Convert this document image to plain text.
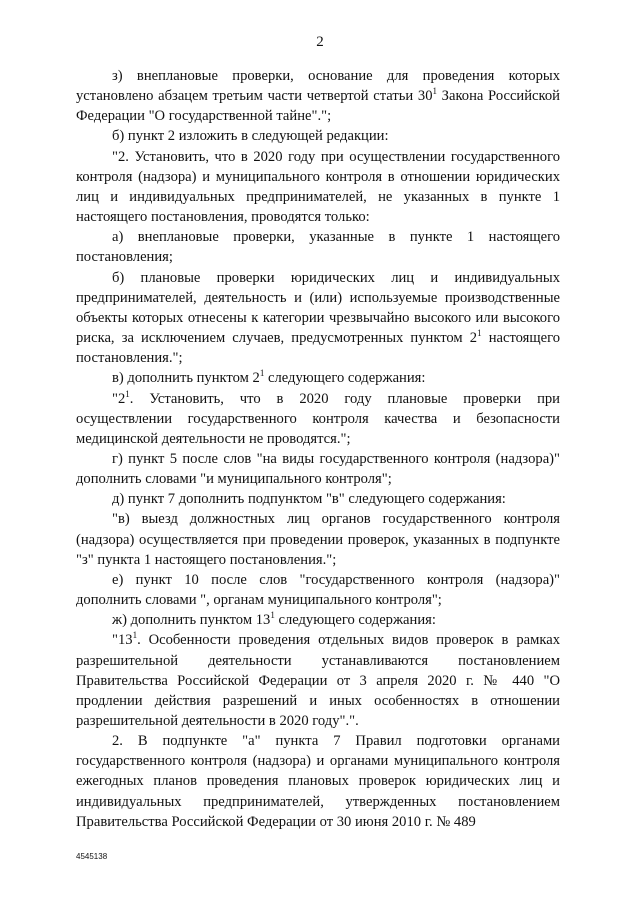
2

з) внеплановые проверки, основание для проведения которых установлено абзацем третьим части четвертой статьи $30^1$ Закона Российской Федерации "О государственной тайне".";

б) пункт 2 изложить в следующей редакции:

"2. Установить, что в 2020 году при осуществлении государственного контроля (надзора) и муниципального контроля в отношении юридических лиц и индивидуальных предпринимателей, не указанных в пункте 1 настоящего постановления, проводятся только:

а) внеплановые проверки, указанные в пункте 1 настоящего постановления;

б) плановые проверки юридических лиц и индивидуальных предпринимателей, деятельность и (или) используемые производственные объекты которых отнесены к категории чрезвычайно высокого или высокого риска, за исключением случаев, предусмотренных пунктом $2^1$ настоящего постановления.";

в) дополнить пунктом $2^1$ следующего содержания:

"$2^1$. Установить, что в 2020 году плановые проверки при осуществлении государственного контроля качества и безопасности медицинской деятельности не проводятся.";

г) пункт 5 после слов "на виды государственного контроля (надзора)" дополнить словами "и муниципального контроля";

д) пункт 7 дополнить подпунктом "в" следующего содержания:

"в) выезд должностных лиц органов государственного контроля (надзора) осуществляется при проведении проверок, указанных в подпункте "з" пункта 1 настоящего постановления.";

е) пункт 10 после слов "государственного контроля (надзора)" дополнить словами ", органам муниципального контроля";

ж) дополнить пунктом $13^1$ следующего содержания:

"$13^1$. Особенности проведения отдельных видов проверок в рамках разрешительной деятельности устанавливаются постановлением Правительства Российской Федерации от 3 апреля 2020 г. № 440 "О продлении действия разрешений и иных особенностях в отношении разрешительной деятельности в 2020 году".".

2. В подпункте "а" пункта 7 Правил подготовки органами государственного контроля (надзора) и органами муниципального контроля ежегодных планов проведения плановых проверок юридических лиц и индивидуальных предпринимателей, утвержденных постановлением Правительства Российской Федерации от 30 июня 2010 г. № 489

4545138
